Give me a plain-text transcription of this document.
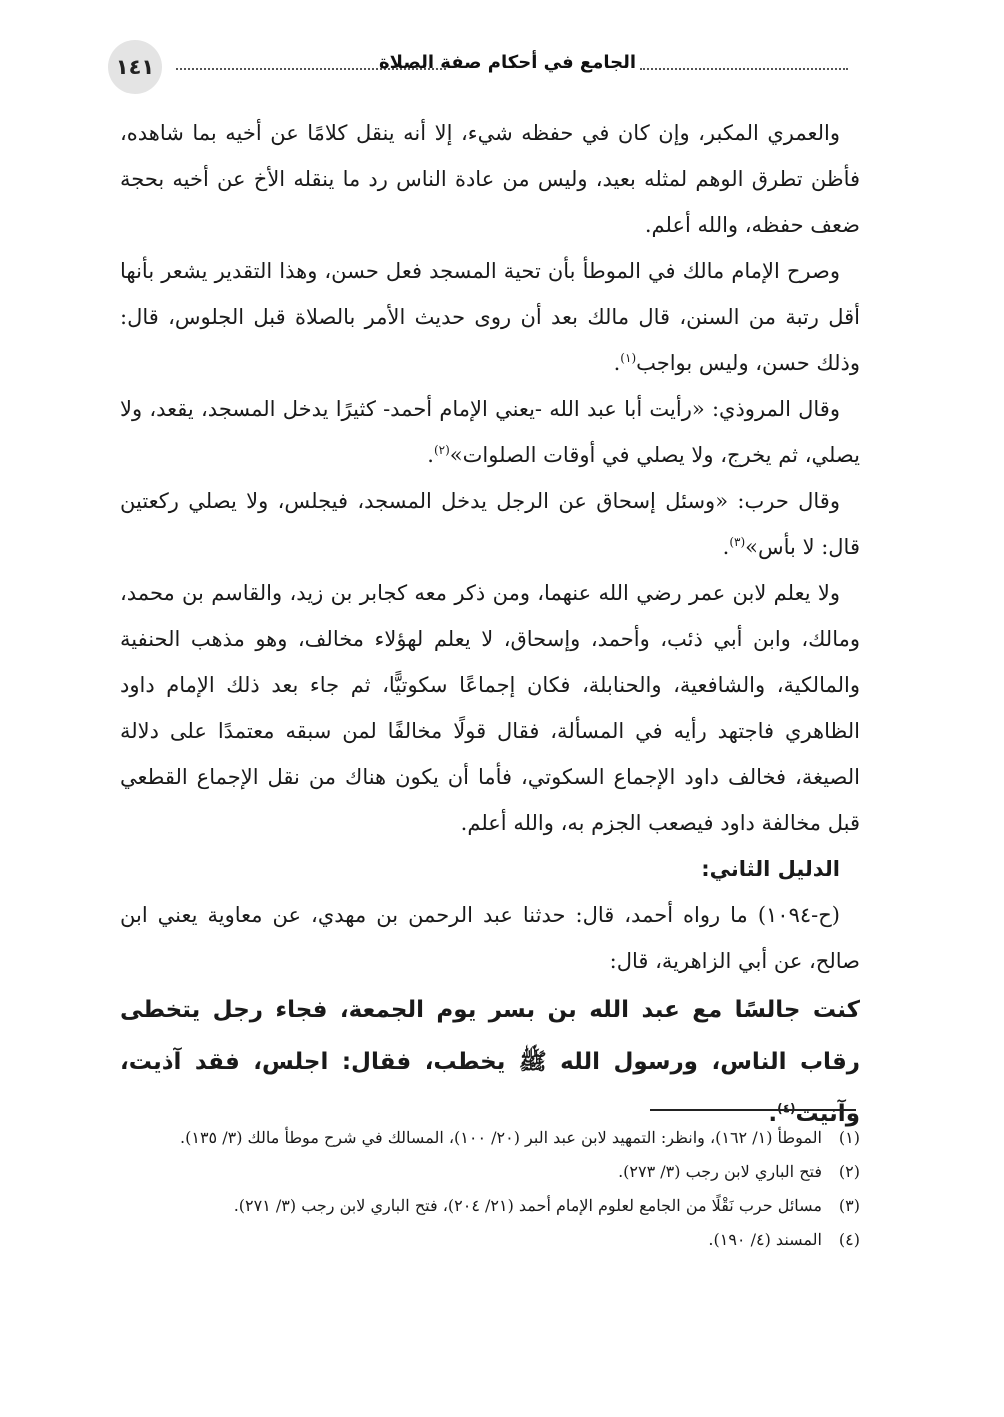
١٤١	الجامع في أحكام صفة الصلاة

والعمري المكبر، وإن كان في حفظه شيء، إلا أنه ينقل كلامًا عن أخيه بما شاهده، فأظن تطرق الوهم لمثله بعيد، وليس من عادة الناس رد ما ينقله الأخ عن أخيه بحجة ضعف حفظه، والله أعلم.

وصرح الإمام مالك في الموطأ بأن تحية المسجد فعل حسن، وهذا التقدير يشعر بأنها أقل رتبة من السنن، قال مالك بعد أن روى حديث الأمر بالصلاة قبل الجلوس، قال: وذلك حسن، وليس بواجب$^{(١)}$.

وقال المروذي: «رأيت أبا عبد الله -يعني الإمام أحمد- كثيرًا يدخل المسجد، يقعد، ولا يصلي، ثم يخرج، ولا يصلي في أوقات الصلوات»$^{(٢)}$.

وقال حرب: «وسئل إسحاق عن الرجل يدخل المسجد، فيجلس، ولا يصلي ركعتين قال: لا بأس»$^{(٣)}$.

ولا يعلم لابن عمر رضي الله عنهما، ومن ذكر معه كجابر بن زيد، والقاسم بن محمد، ومالك، وابن أبي ذئب، وأحمد، وإسحاق، لا يعلم لهؤلاء مخالف، وهو مذهب الحنفية والمالكية، والشافعية، والحنابلة، فكان إجماعًا سكوتيًّا، ثم جاء بعد ذلك الإمام داود الظاهري فاجتهد رأيه في المسألة، فقال قولًا مخالفًا لمن سبقه معتمدًا على دلالة الصيغة، فخالف داود الإجماع السكوتي، فأما أن يكون هناك من نقل الإجماع القطعي قبل مخالفة داود فيصعب الجزم به، والله أعلم.

الدليل الثاني:

(ح-١٠٩٤) ما رواه أحمد، قال: حدثنا عبد الرحمن بن مهدي، عن معاوية يعني ابن صالح، عن أبي الزاهرية، قال:

كنت جالسًا مع عبد الله بن بسر يوم الجمعة، فجاء رجل يتخطى رقاب الناس، ورسول الله ﷺ يخطب، فقال: اجلس، فقد آذيت، وآنيت$^{(٤)}$.

(١)
الموطأ (١/ ١٦٢)، وانظر: التمهيد لابن عبد البر (٢٠/ ١٠٠)، المسالك في شرح موطأ مالك (٣/ ١٣٥).
(٢)
فتح الباري لابن رجب (٣/ ٢٧٣).
(٣)
مسائل حرب نَقْلًا من الجامع لعلوم الإمام أحمد (٢١/ ٢٠٤)، فتح الباري لابن رجب (٣/ ٢٧١).
(٤)
المسند (٤/ ١٩٠).
